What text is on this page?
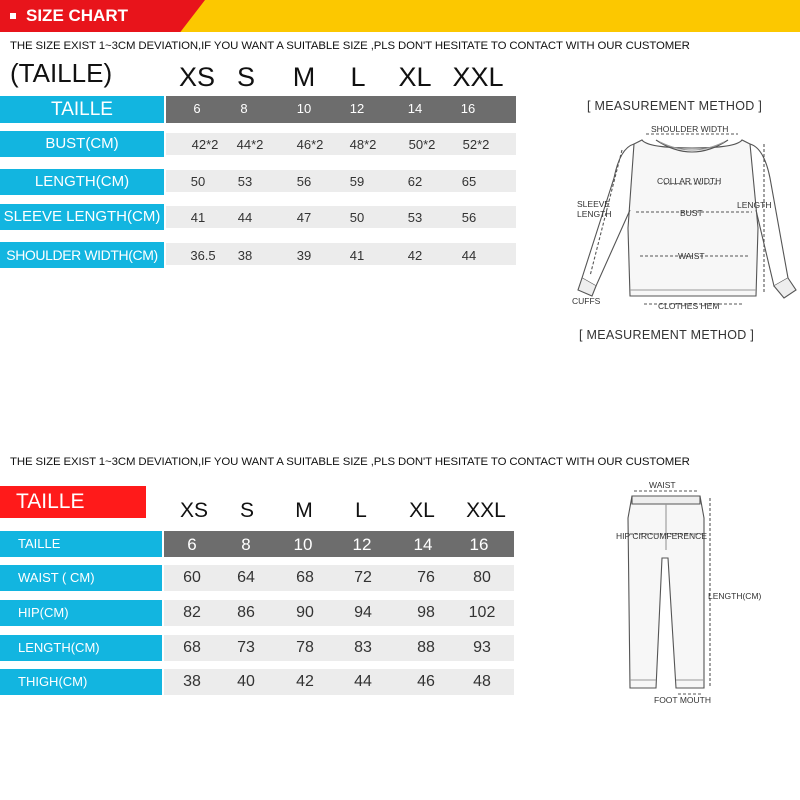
SIZE CHART
THE SIZE EXIST 1~3CM DEVIATION,IF YOU WANT A SUITABLE SIZE ,PLS DON'T HESITATE TO CONTACT WITH OUR CUSTOMER
(TAILLE)	XS S	M	L	XL XXL
TAILLE	6	8	10	12	14	16
BUST(CM)	42*2	44*2	46*2	48*2	50*2	52*2
LENGTH(CM)	50	53	56	59	62	65
SLEEVE LENGTH(CM)	41	44	47	50	53	56
SHOULDER WIDTH(CM)	36.5	38	39	41	42	44
[ MEASUREMENT METHOD ]
[ MEASUREMENT METHOD ]
SHOULDER WIDTH
COLLAR WIDTH
SLEEVE
LENGTH	BUST
LENGTH
WAIST
CUFFS	CLOTHES HEM
THE SIZE EXIST 1~3CM DEVIATION,IF YOU WANT A SUITABLE SIZE ,PLS DON'T HESITATE TO CONTACT WITH OUR CUSTOMER
TAILLE	XS	S	M	L	XL	XXL
TAILLE	6	8	10	12	14	16
WAIST ( CM)	60	64	68	72	76	80
HIP(CM)	82	86	90	94	98	102
LENGTH(CM)	68	73	78	83	88	93
THIGH(CM)	38	40	42	44	46	48
WAIST
HIP CIRCUMFERENCE
LENGTH(CM)
FOOT MOUTH
